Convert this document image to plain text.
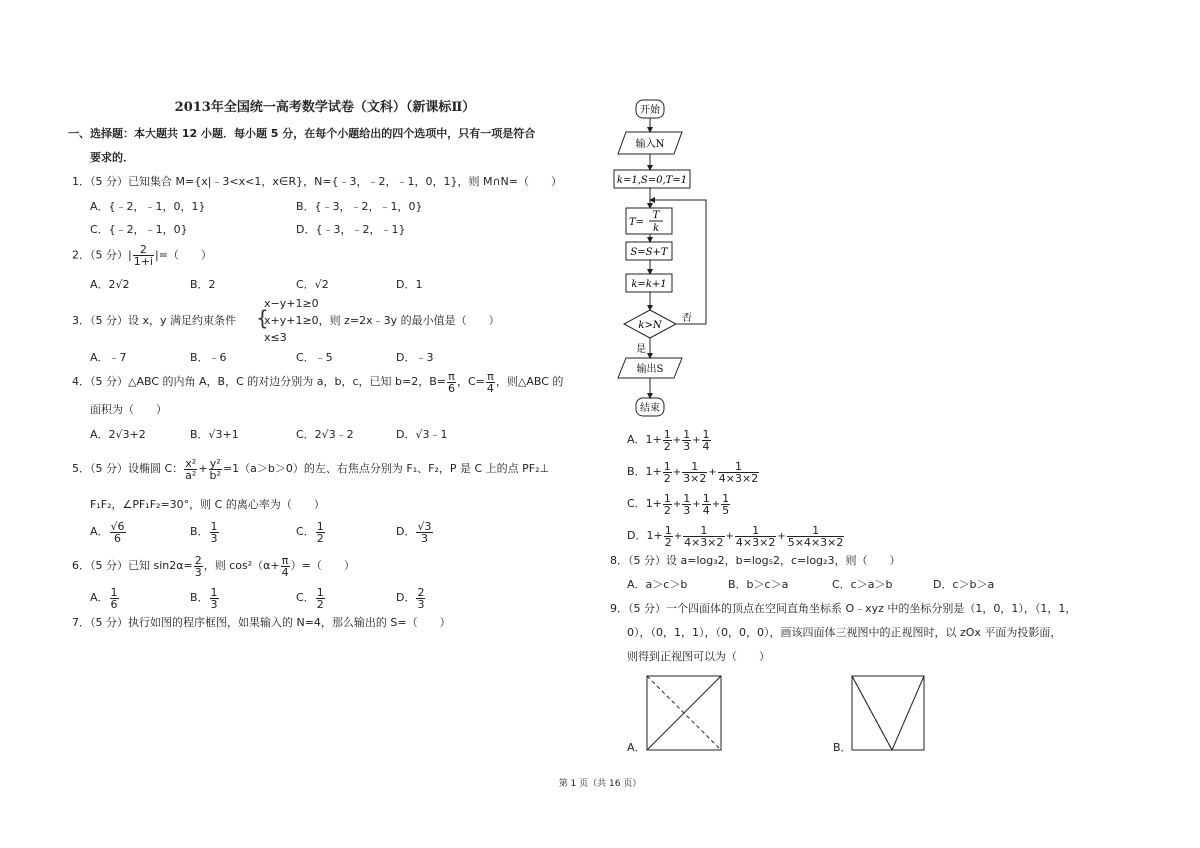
2013年全国统一高考数学试卷（文科）（新课标Ⅱ）
一、选择题：本大题共 12 小题．每小题 5 分，在每个小题给出的四个选项中，只有一项是符合
要求的．
1．（5 分）已知集合 M={x|﹣3<x<1，x∈R}，N={﹣3，﹣2，﹣1，0，1}，则 M∩N=（　　）
A．{﹣2，﹣1，0，1}	B．{﹣3，﹣2，﹣1，0}
C．{﹣2，﹣1，0}	D．{﹣3，﹣2，﹣1}
2．（5 分）| $\frac{2}{1+i}$ |=（　　）
A．2√2	B．2	C．√2	D．1
3．（5 分）设 x，y 满足约束条件 {
x−y+1≥0
x+y+1≥0，则 z=2x﹣3y 的最小值是（　　）
x≤3
A．﹣7	B．﹣6	C．﹣5	D．﹣3
4．（5 分）△ABC 的内角 A，B，C 的对边分别为 a，b，c，已知 b=2，$B= \frac{\pi}{6}$ ，$C= \frac{\pi}{4}$ ，则△ABC 的
面积为（　　）
A．2√3+2	B．√3+1	C．2√3﹣2	D．√3﹣1
5．（5 分）设椭圆 C： $\frac{\text{x²}}{\text{a²}} + \frac{\text{y²}}{\text{b²}} =1(a>b>0)$的左、右焦点分别为 F₁、F₂，P 是 C 上的点 PF₂⊥
F₁F₂，∠PF₁F₂=30°，则 C 的离心率为（　　）
A． $\frac{√6}{6}$	B． $\frac{1}{3}$	C． $\frac{1}{2}$	D． $\frac{√3}{3}$
6．（5 分）已知 $\sin 2\alpha= \frac{2}{3}$ ，则 $\cos^2(\alpha+ \frac{\pi}{4}$ ）=（　　）
A． $\frac{1}{6}$	B． $\frac{1}{3}$	C． $\frac{1}{2}$	D． $\frac{2}{3}$
7．（5 分）执行如图的程序框图，如果输入的 N=4，那么输出的 S=（　　）
开始
输入N
k=1,S=0,T=1
T=
T
k
S=S+T
k=k+1
k>N
否
是
输出S
结束
A．$1+ \frac{1}{2} + \frac{1}{3} + \frac{1}{4}$
B．$1+ \frac{1}{2} + \frac{1}{3\times 2} + \frac{1}{4\times 3\times 2}$
C．$1+ \frac{1}{2} + \frac{1}{3} + \frac{1}{4} + \frac{1}{5}$
D．$1+ \frac{1}{2} + \frac{1}{4\times 3\times 2} + \frac{1}{4\times 3\times 2} + \frac{1}{5\times 4\times 3\times 2}$
8．（5 分）设 a=log₃2，b=log₅2，c=log₂3，则（　　）
A．a＞c＞b	B．b＞c＞a	C．c＞a＞b	D．c＞b＞a
9．（5 分）一个四面体的顶点在空间直角坐标系 O﹣xyz 中的坐标分别是（1，0，1），（1，1，
0），（0，1，1），（0，0，0），画该四面体三视图中的正视图时，以 zOx 平面为投影面，
则得到正视图可以为（　　）
A．	B．
第 1 页（共 16 页）
